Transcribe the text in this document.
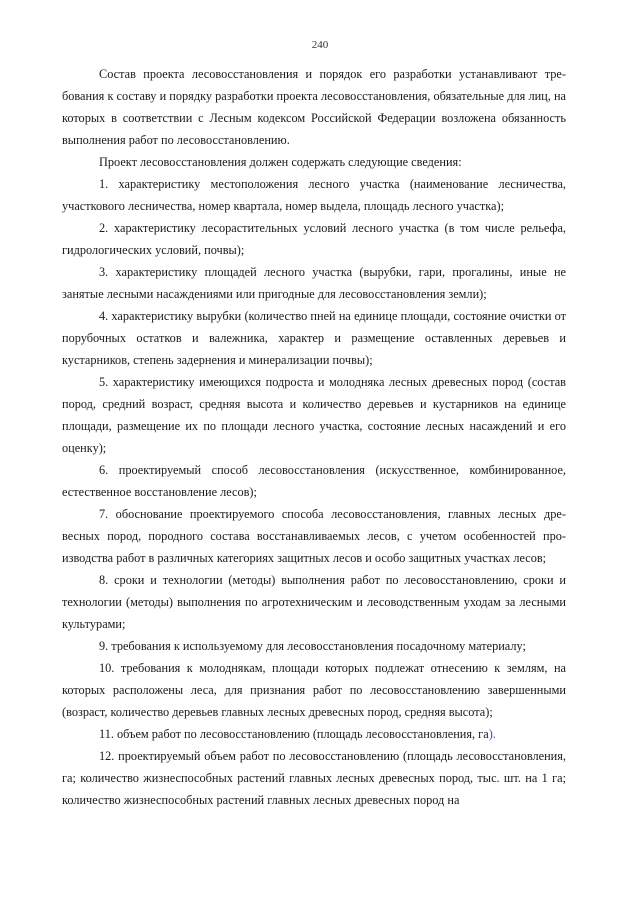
240

Состав проекта лесовосстановления и порядок его разработки устанавливают требования к составу и порядку разработки проекта лесовосстановления, обязательные для лиц, на которых в соответствии с Лесным кодексом Российской Федерации возложена обязанность выполнения работ по лесовосстановлению.

Проект лесовосстановления должен содержать следующие сведения:

1. характеристику местоположения лесного участка (наименование лесничества, участкового лесничества, номер квартала, номер выдела, площадь лесного участка);

2. характеристику лесорастительных условий лесного участка (в том числе рельефа, гидрологических условий, почвы);

3. характеристику площадей лесного участка (вырубки, гари, прогалины, иные не занятые лесными насаждениями или пригодные для лесовосстановления земли);

4. характеристику вырубки (количество пней на единице площади, состояние очистки от порубочных остатков и валежника, характер и размещение оставленных деревьев и кустарников, степень задернения и минерализации почвы);

5. характеристику имеющихся подроста и молодняка лесных древесных пород (состав пород, средний возраст, средняя высота и количество деревьев и кустарников на единице площади, размещение их по площади лесного участка, состояние лесных насаждений и его оценку);

6. проектируемый способ лесовосстановления (искусственное, комбинированное, естественное восстановление лесов);

7. обоснование проектируемого способа лесовосстановления, главных лесных древесных пород, породного состава восстанавливаемых лесов, с учетом особенностей производства работ в различных категориях защитных лесов и особо защитных участках лесов;

8. сроки и технологии (методы) выполнения работ по лесовосстановлению, сроки и технологии (методы) выполнения по агротехническим и лесоводственным уходам за лесными культурами;

9. требования к используемому для лесовосстановления посадочному материалу;

10. требования к молоднякам, площади которых подлежат отнесению к землям, на которых расположены леса, для признания работ по лесовосстановлению завершенными (возраст, количество деревьев главных лесных древесных пород, средняя высота);

11. объем работ по лесовосстановлению (площадь лесовосстановления, га).

12. проектируемый объем работ по лесовосстановлению (площадь лесовосстановления, га; количество жизнеспособных растений главных лесных древесных пород, тыс. шт. на 1 га; количество жизнеспособных растений главных лесных древесных пород на
